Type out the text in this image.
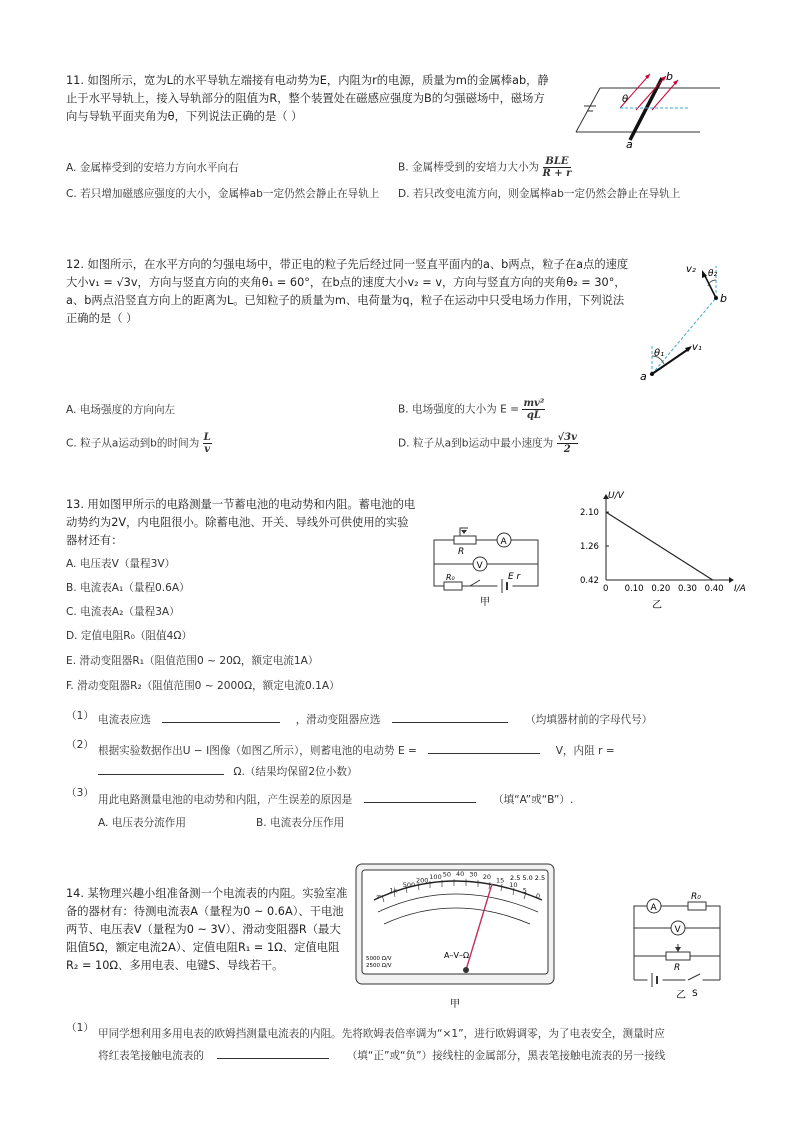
11. 如图所示，宽为L的水平导轨左端接有电动势为E，内阻为r的电源，质量为m的金属棒ab，静止于水平导轨上，接入导轨部分的阻值为R，整个装置处在磁感应强度为B的匀强磁场中，磁场方向与导轨平面夹角为θ，下列说法正确的是（ ）
θ
b
a
A. 金属棒受到的安培力方向水平向右	B. 金属棒受到的安培力大小为 $\frac{\text{BLE}}{R + r}$
C. 若只增加磁感应强度的大小，金属棒ab一定仍然会静止在导轨上	D. 若只改变电流方向，则金属棒ab一定仍然会静止在导轨上
12. 如图所示，在水平方向的匀强电场中，带正电的粒子先后经过同一竖直平面内的a、b两点，粒子在a点的速度大小v₁ = √3v，方向与竖直方向的夹角θ₁ = 60°，在b点的速度大小v₂ = v，方向与竖直方向的夹角θ₂ = 30°，a、b两点沿竖直方向上的距离为L。已知粒子的质量为m、电荷量为q，粒子在运动中只受电场力作用，下列说法正确的是（ ）
v₁
v₂
θ₁
θ₂
a
b
A. 电场强度的方向向左	B. 电场强度的大小为 $E = \frac{\text{mv²}}{qL}$
C. 粒子从a运动到b的时间为 $\frac{L}{v}$	D. 粒子从a到b运动中最小速度为 $\frac{√3v}{2}$
13. 用如图甲所示的电路测量一节蓄电池的电动势和内阻。蓄电池的电动势约为2V，内电阻很小。除蓄电池、开关、导线外可供使用的实验器材还有：
A. 电压表V（量程3V）
B. 电流表A₁（量程0.6A）
C. 电流表A₂（量程3A）
D. 定值电阻R₀（阻值4Ω）
E. 滑动变阻器R₁（阻值范围0 ~ 20Ω，额定电流1A）
F. 滑动变阻器R₂（阻值范围0 ~ 2000Ω，额定电流0.1A）
A
R
V
R₀	E r
甲
U/V
I/A
0 0.10 0.20 0.30 0.40
0.42
1.26
2.10
乙
（1） 电流表应选	，滑动变阻器应选	（均填器材前的字母代号）
（2） 根据实验数据作出U − I图像（如图乙所示），则蓄电池的电动势 E =	V，内阻 r =
Ω.（结果均保留2位小数）
（3）
用此电路测量电池的电动势和内阻，产生误差的原因是	（填“A”或“B”）.
A. 电压表分流作用	B. 电流表分压作用
14. 某物理兴趣小组准备测一个电流表的内阻。实验室准备的器材有：待测电流表A（量程为0 ~ 0.6A）、干电池两节、电压表V（量程为0 ~ 3V）、滑动变阻器R（最大阻值5Ω，额定电流2A）、定值电阻R₁ = 1Ω、定值电阻R₂ = 10Ω、多用电表、电键S、导线若干。
∞
1k
500
200 100 50 40 30 20 15
10
5
0
2.5 5.0 2.5
A–V–Ω
5000 Ω/V 2500 Ω/V
甲
A
R₀
V
R
S
乙
（1） 甲同学想利用多用电表的欧姆挡测量电流表的内阻。先将欧姆表倍率调为“×1”，进行欧姆调零，为了电表安全，测量时应
将红表笔接触电流表的	（填“正”或“负”）接线柱的金属部分，黑表笔接触电流表的另一接线
